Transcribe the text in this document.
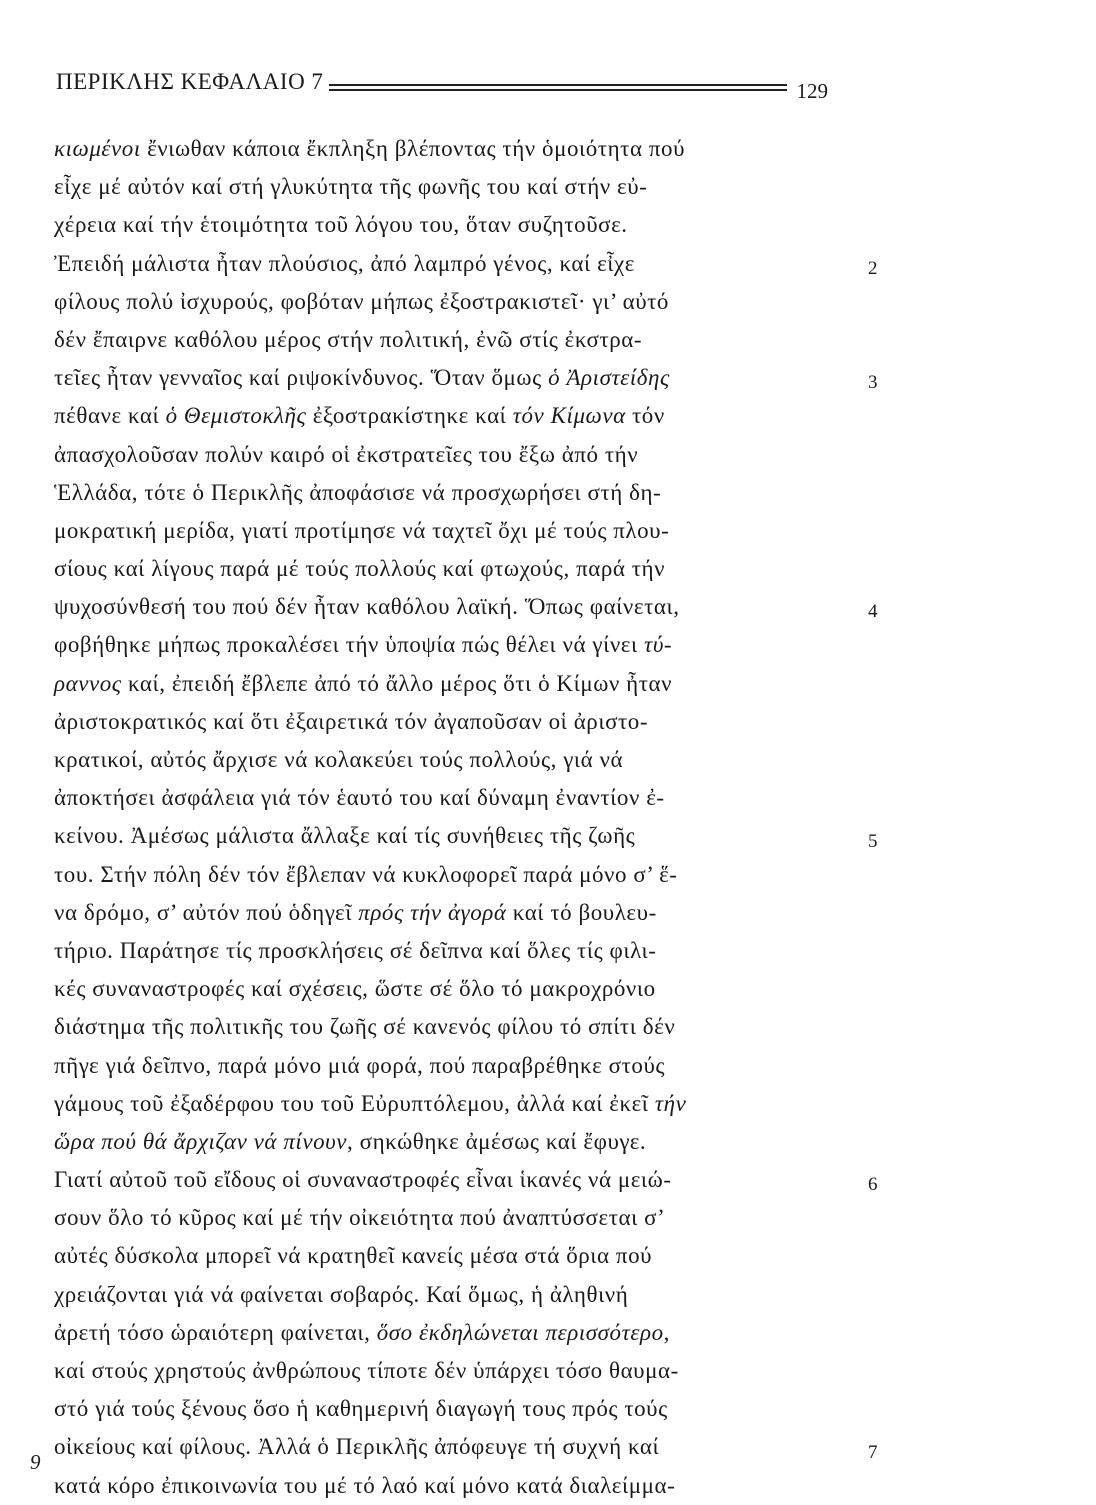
ΠΕΡΙΚΛΗΣ ΚΕΦΑΛΑΙΟ 7	129
κιωμένοι ἔνιωθαν κάποια ἔκπληξη βλέποντας τήν ὁμοιότητα πού
εἶχε μέ αὐτόν καί στή γλυκύτητα τῆς φωνῆς του καί στήν εὐ-
χέρεια καί τήν ἑτοιμότητα τοῦ λόγου του, ὅταν συζητοῦσε.
Ἐπειδή μάλιστα ἦταν πλούσιος, ἀπό λαμπρό γένος, καί εἶχε
φίλους πολύ ἰσχυρούς, φοβόταν μήπως ἐξοστρακιστεῖ· γι’ αὐτό
δέν ἔπαιρνε καθόλου μέρος στήν πολιτική, ἐνῶ στίς ἐκστρα-
τεῖες ἦταν γενναῖος καί ριψοκίνδυνος. Ὅταν ὅμως ὁ Ἀριστείδης
πέθανε καί ὁ Θεμιστοκλῆς ἐξοστρακίστηκε καί τόν Κίμωνα τόν
ἀπασχολοῦσαν πολύν καιρό οἱ ἐκστρατεῖες του ἔξω ἀπό τήν
Ἑλλάδα, τότε ὁ Περικλῆς ἀποφάσισε νά προσχωρήσει στή δη-
μοκρατική μερίδα, γιατί προτίμησε νά ταχτεῖ ὄχι μέ τούς πλου-
σίους καί λίγους παρά μέ τούς πολλούς καί φτωχούς, παρά τήν
ψυχοσύνθεσή του πού δέν ἦταν καθόλου λαϊκή. Ὅπως φαίνεται,
φοβήθηκε μήπως προκαλέσει τήν ὑποψία πώς θέλει νά γίνει τύ-
ραννος καί, ἐπειδή ἔβλεπε ἀπό τό ἄλλο μέρος ὅτι ὁ Κίμων ἦταν
ἀριστοκρατικός καί ὅτι ἐξαιρετικά τόν ἀγαποῦσαν οἱ ἀριστο-
κρατικοί, αὐτός ἄρχισε νά κολακεύει τούς πολλούς, γιά νά
ἀποκτήσει ἀσφάλεια γιά τόν ἑαυτό του καί δύναμη ἐναντίον ἐ-
κείνου. Ἀμέσως μάλιστα ἄλλαξε καί τίς συνήθειες τῆς ζωῆς
του. Στήν πόλη δέν τόν ἔβλεπαν νά κυκλοφορεῖ παρά μόνο σ’ ἕ-
να δρόμο, σ’ αὐτόν πού ὁδηγεῖ πρός τήν ἀγορά καί τό βουλευ-
τήριο. Παράτησε τίς προσκλήσεις σέ δεῖπνα καί ὅλες τίς φιλι-
κές συναναστροφές καί σχέσεις, ὥστε σέ ὅλο τό μακροχρόνιο
διάστημα τῆς πολιτικῆς του ζωῆς σέ κανενός φίλου τό σπίτι δέν
πῆγε γιά δεῖπνο, παρά μόνο μιά φορά, πού παραβρέθηκε στούς
γάμους τοῦ ἐξαδέρφου του τοῦ Εὐρυπτόλεμου, ἀλλά καί ἐκεῖ τήν
ὥρα πού θά ἄρχιζαν νά πίνουν, σηκώθηκε ἀμέσως καί ἔφυγε.
Γιατί αὐτοῦ τοῦ εἴδους οἱ συναναστροφές εἶναι ἱκανές νά μειώ-
σουν ὅλο τό κῦρος καί μέ τήν οἰκειότητα πού ἀναπτύσσεται σ’
αὐτές δύσκολα μπορεῖ νά κρατηθεῖ κανείς μέσα στά ὅρια πού
χρειάζονται γιά νά φαίνεται σοβαρός. Καί ὅμως, ἡ ἀληθινή
ἀρετή τόσο ὡραιότερη φαίνεται, ὅσο ἐκδηλώνεται περισσότερο,
καί στούς χρηστούς ἀνθρώπους τίποτε δέν ὑπάρχει τόσο θαυμα-
στό γιά τούς ξένους ὅσο ἡ καθημερινή διαγωγή τους πρός τούς
οἰκείους καί φίλους. Ἀλλά ὁ Περικλῆς ἀπόφευγε τή συχνή καί
κατά κόρο ἐπικοινωνία του μέ τό λαό καί μόνο κατά διαλείμμα-
2
3
4
5
6
7
9
